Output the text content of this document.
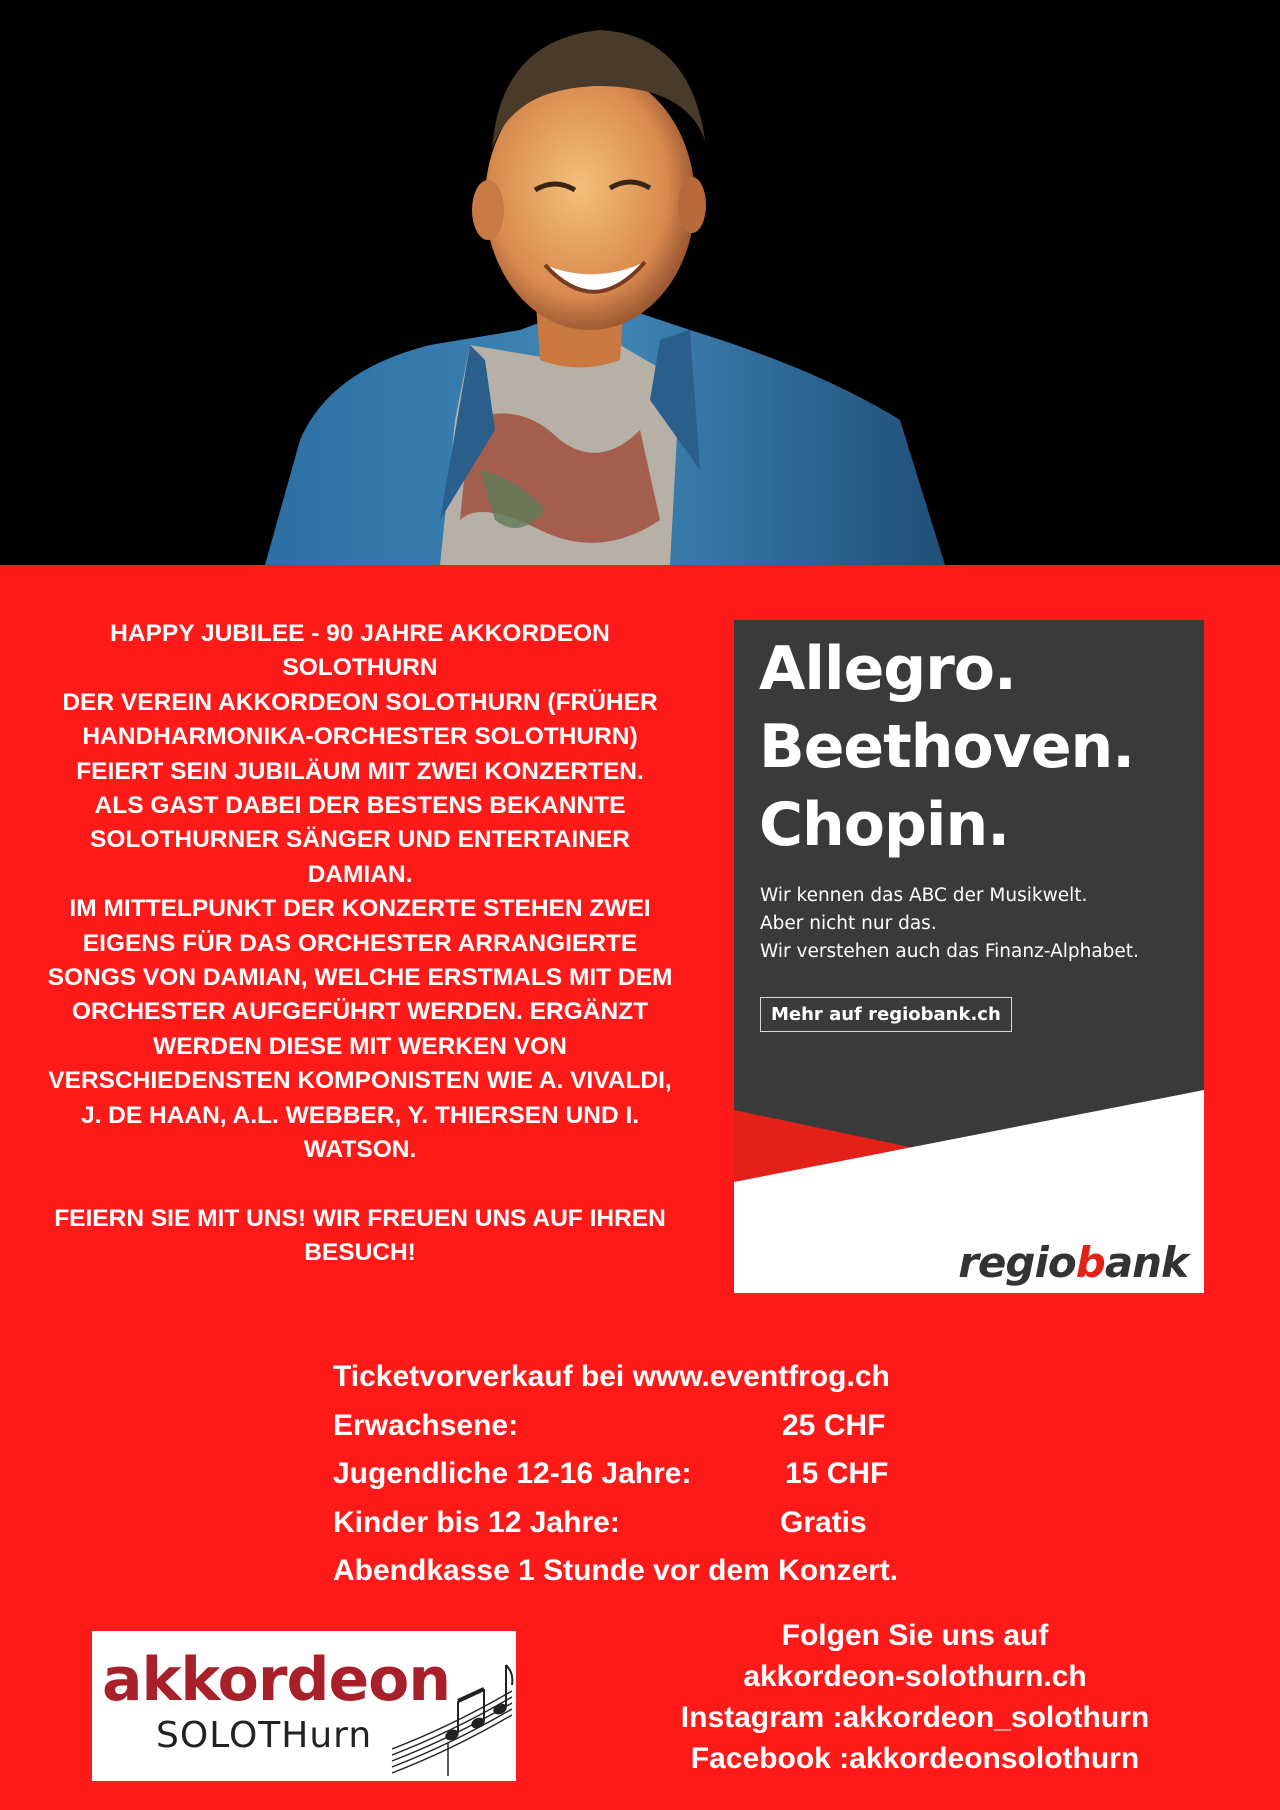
HAPPY JUBILEE - 90 JAHRE AKKORDEON SOLOTHURN

DER VEREIN AKKORDEON SOLOTHURN (FRÜHER HANDHARMONIKA-ORCHESTER SOLOTHURN) FEIERT SEIN JUBILÄUM MIT ZWEI KONZERTEN.

ALS GAST DABEI DER BESTENS BEKANNTE SOLOTHURNER SÄNGER UND ENTERTAINER DAMIAN.

IM MITTELPUNKT DER KONZERTE STEHEN ZWEI EIGENS FÜR DAS ORCHESTER ARRANGIERTE SONGS VON DAMIAN, WELCHE ERSTMALS MIT DEM ORCHESTER AUFGEFÜHRT WERDEN. ERGÄNZT WERDEN DIESE MIT WERKEN VON VERSCHIEDENSTEN KOMPONISTEN WIE A. VIVALDI, J. DE HAAN, A.L. WEBBER, Y. THIERSEN UND I. WATSON.

FEIERN SIE MIT UNS! WIR FREUEN UNS AUF IHREN BESUCH!

Allegro.
Beethoven.
Chopin.
Wir kennen das ABC der Musikwelt.
Aber nicht nur das.
Wir verstehen auch das Finanz-Alphabet.
Mehr auf regiobank.ch
regiobank
Ticketvorverkauf bei www.eventfrog.ch
Erwachsene:	25 CHF
Jugendliche 12-16 Jahre:	15 CHF
Kinder bis 12 Jahre:	Gratis
Abendkasse 1 Stunde vor dem Konzert.
akkordeon
SOLOTHurn
Folgen Sie uns auf
akkordeon-solothurn.ch
Instagram :akkordeon_solothurn
Facebook :akkordeonsolothurn
